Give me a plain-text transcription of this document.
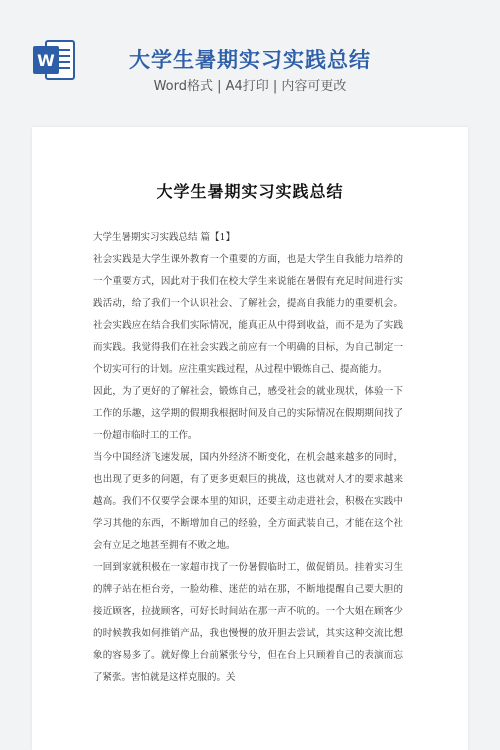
W	大学生暑期实习实践总结
Word格式 | A4打印 | 内容可更改
大学生暑期实习实践总结

大学生暑期实习实践总结 篇【1】

社会实践是大学生课外教育一个重要的方面，也是大学生自我能力培养的一个重要方式，因此对于我们在校大学生来说能在暑假有充足时间进行实践活动，给了我们一个认识社会、了解社会，提高自我能力的重要机会。社会实践应在结合我们实际情况，能真正从中得到收益，而不是为了实践而实践。我觉得我们在社会实践之前应有一个明确的目标，为自己制定一个切实可行的计划。应注重实践过程，从过程中锻炼自己、提高能力。

因此，为了更好的了解社会，锻炼自己，感受社会的就业现状，体验一下工作的乐趣，这学期的假期我根据时间及自己的实际情况在假期期间找了一份超市临时工的工作。

当今中国经济飞速发展，国内外经济不断变化，在机会越来越多的同时，也出现了更多的问题，有了更多更艰巨的挑战，这也就对人才的要求越来越高。我们不仅要学会课本里的知识，还要主动走进社会，积极在实践中学习其他的东西，不断增加自己的经验，全方面武装自己，才能在这个社会有立足之地甚至拥有不败之地。

一回到家就积极在一家超市找了一份暑假临时工，做促销员。挂着实习生的牌子站在柜台旁，一脸幼稚、迷茫的站在那，不断地提醒自己要大胆的接近顾客，拉拢顾客，可好长时间站在那一声不吭的。一个大姐在顾客少的时候教我如何推销产品，我也慢慢的放开胆去尝试，其实这种交流比想象的容易多了。就好像上台前紧张兮兮，但在台上只顾着自己的表演而忘了紧张。害怕就是这样克服的。关
